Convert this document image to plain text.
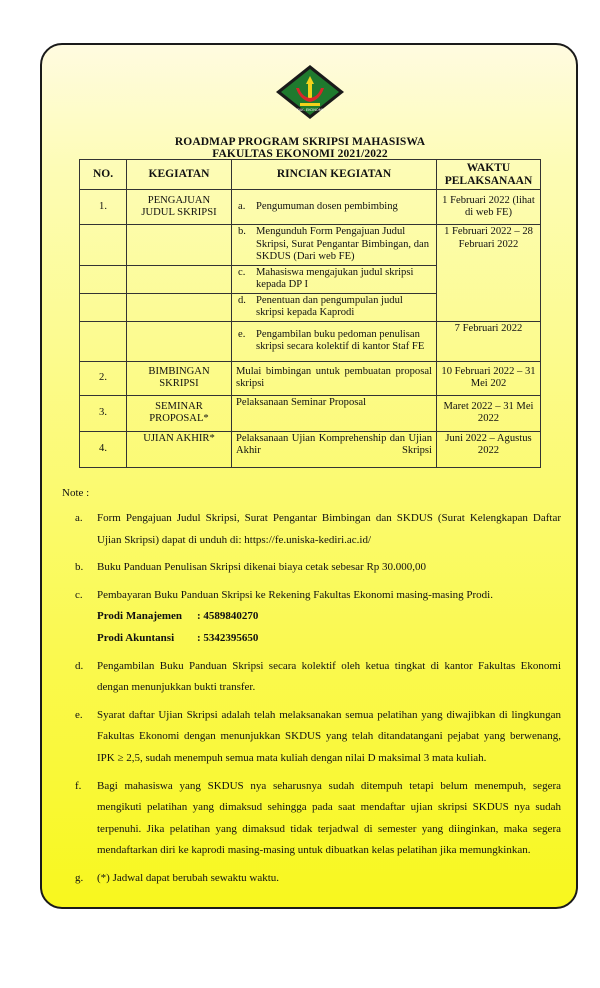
FAK. EKONOMI
ROADMAP PROGRAM SKRIPSI MAHASISWA
FAKULTAS EKONOMI 2021/2022
NO.	KEGIATAN	RINCIAN KEGIATAN	WAKTU PELAKSANAAN
1.	PENGAJUAN JUDUL SKRIPSI	a. Pengumuman dosen pembimbing	1 Februari 2022 (lihat di web FE)

		b. Mengunduh Form Pengajuan Judul Skripsi, Surat Pengantar Bimbingan, dan SKDUS (Dari web FE)	1 Februari 2022 – 28 Februari 2022

		c. Mahasiswa mengajukan judul skripsi kepada DP I	

		d. Penentuan dan pengumpulan judul skripsi kepada Kaprodi	

		e. Pengambilan buku pedoman penulisan skripsi secara kolektif di kantor Staf FE	7 Februari 2022
2.	BIMBINGAN SKRIPSI	Mulai bimbingan untuk pembuatan proposal skripsi	10 Februari 2022 – 31 Mei 202
3.	SEMINAR PROPOSAL*	Pelaksanaan Seminar Proposal	Maret 2022 – 31 Mei 2022
4.	UJIAN AKHIR*	Pelaksanaan Ujian Komprehenship dan Ujian Akhir Skripsi	Juni 2022 – Agustus 2022
Note :
a.	Form Pengajuan Judul Skripsi, Surat Pengantar Bimbingan dan SKDUS (Surat Kelengkapan Daftar Ujian Skripsi) dapat di unduh di: https://fe.uniska-kediri.ac.id/
b.	Buku Panduan Penulisan Skripsi dikenai biaya cetak sebesar Rp 30.000,00
c.	Pembayaran Buku Panduan Skripsi ke Rekening Fakultas Ekonomi masing-masing Prodi.
Prodi Manajemen	: 4589840270
Prodi Akuntansi	: 5342395650
d.	Pengambilan Buku Panduan Skripsi secara kolektif oleh ketua tingkat di kantor Fakultas Ekonomi dengan menunjukkan bukti transfer.
e.	Syarat daftar Ujian Skripsi adalah telah melaksanakan semua pelatihan yang diwajibkan di lingkungan Fakultas Ekonomi dengan menunjukkan SKDUS yang telah ditandatangani pejabat yang berwenang, IPK ≥ 2,5, sudah menempuh semua mata kuliah dengan nilai D maksimal 3 mata kuliah.
f.	Bagi mahasiswa yang SKDUS nya seharusnya sudah ditempuh tetapi belum menempuh, segera mengikuti pelatihan yang dimaksud sehingga pada saat mendaftar ujian skripsi SKDUS nya sudah terpenuhi. Jika pelatihan yang dimaksud tidak terjadwal di semester yang diinginkan, maka segera mendaftarkan diri ke kaprodi masing-masing untuk dibuatkan kelas pelatihan jika memungkinkan.
g.	(*) Jadwal dapat berubah sewaktu waktu.
